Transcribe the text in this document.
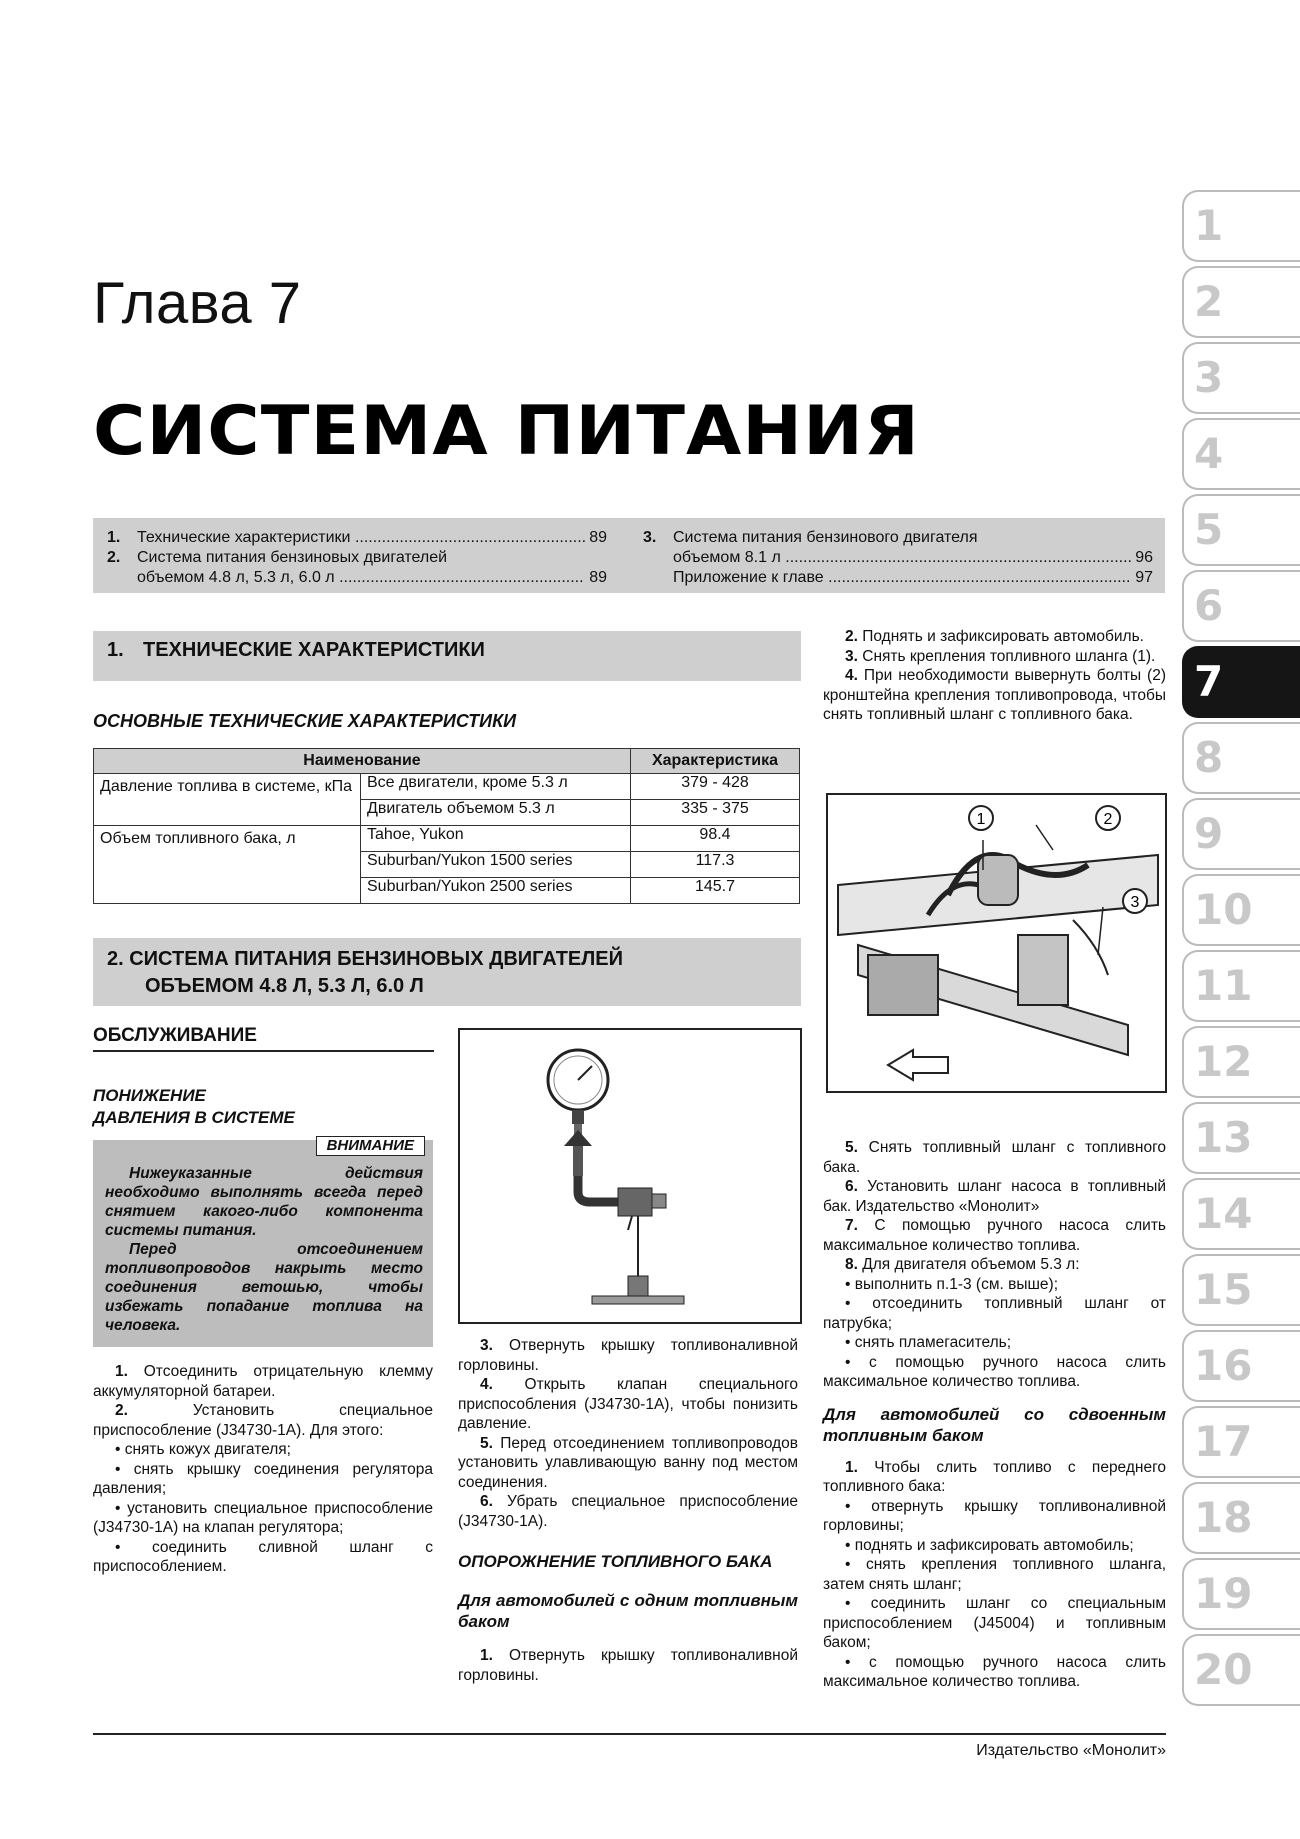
Глава 7
СИСТЕМА ПИТАНИЯ
1.	Технические характеристики .....	89
2.	Система питания бензиновых двигателей
объемом 4.8 л, 5.3 л, 6.0 л .....	89
3.	Система питания бензинового двигателя
объемом 8.1 л .....	96
Приложение к главе .....	97
1. ТЕХНИЧЕСКИЕ ХАРАКТЕРИСТИКИ
ОСНОВНЫЕ ТЕХНИЧЕСКИЕ ХАРАКТЕРИСТИКИ
Наименование		Характеристика
Давление топлива в системе, кПа	Все двигатели, кроме 5.3 л	379 - 428
	Двигатель объемом 5.3 л	335 - 375
Объем топливного бака, л	Tahoe, Yukon	98.4
	Suburban/Yukon 1500 series	117.3
	Suburban/Yukon 2500 series	145.7
2. СИСТЕМА ПИТАНИЯ БЕНЗИНОВЫХ ДВИГАТЕЛЕЙ
ОБЪЕМОМ 4.8 Л, 5.3 Л, 6.0 Л
ОБСЛУЖИВАНИЕ
ПОНИЖЕНИЕ
ДАВЛЕНИЯ В СИСТЕМЕ
ВНИМАНИЕ

Нижеуказанные действия необходимо выполнять всегда перед снятием какого-либо компонента системы питания.

Перед отсоединением топливопроводов накрыть место соединения ветошью, чтобы избежать попадание топлива на человека.

1. Отсоединить отрицательную клемму аккумуляторной батареи.

2.	Установить специальное приспособление (J34730-1A). Для этого:

• снять кожух двигателя;

• снять крышку соединения регулятора давления;

• установить специальное приспособление (J34730-1A) на клапан регулятора;

• соединить сливной шланг с приспособлением.

3. Отвернуть крышку топливоналивной горловины.

4. Открыть клапан специального приспособления (J34730-1A), чтобы понизить давление.

5. Перед отсоединением топливопроводов установить улавливающую ванну под местом соединения.

6. Убрать специальное приспособление (J34730-1A).

ОПОРОЖНЕНИЕ ТОПЛИВНОГО БАКА
Для автомобилей с одним топливным баком

1. Отвернуть крышку топливоналивной горловины.

2. Поднять и зафиксировать автомобиль.

3. Снять крепления топливного шланга (1).

4. При необходимости вывернуть болты (2) кронштейна крепления топливопровода, чтобы снять топливный шланг с топливного бака.

1	2
3

5. Снять топливный шланг с топливного бака.

6. Установить шланг насоса в топливный бак. Издательство «Монолит»

7. С помощью ручного насоса слить максимальное количество топлива.

8. Для двигателя объемом 5.3 л:

• выполнить п.1-3 (см. выше);

• отсоединить топливный шланг от патрубка;

• снять пламегаситель;

• с помощью ручного насоса слить максимальное количество топлива.

Для автомобилей со сдвоенным топливным баком

1. Чтобы слить топливо с переднего топливного бака:

• отвернуть крышку топливоналивной горловины;

• поднять и зафиксировать автомобиль;

• снять крепления топливного шланга, затем снять шланг;

• соединить шланг со специальным приспособлением (J45004) и топливным баком;

• с помощью ручного насоса слить максимальное количество топлива.

Издательство «Монолит»
1
2
3
4
5
6
7
8
9
10
11
12
13
14
15
16
17
18
19
20
